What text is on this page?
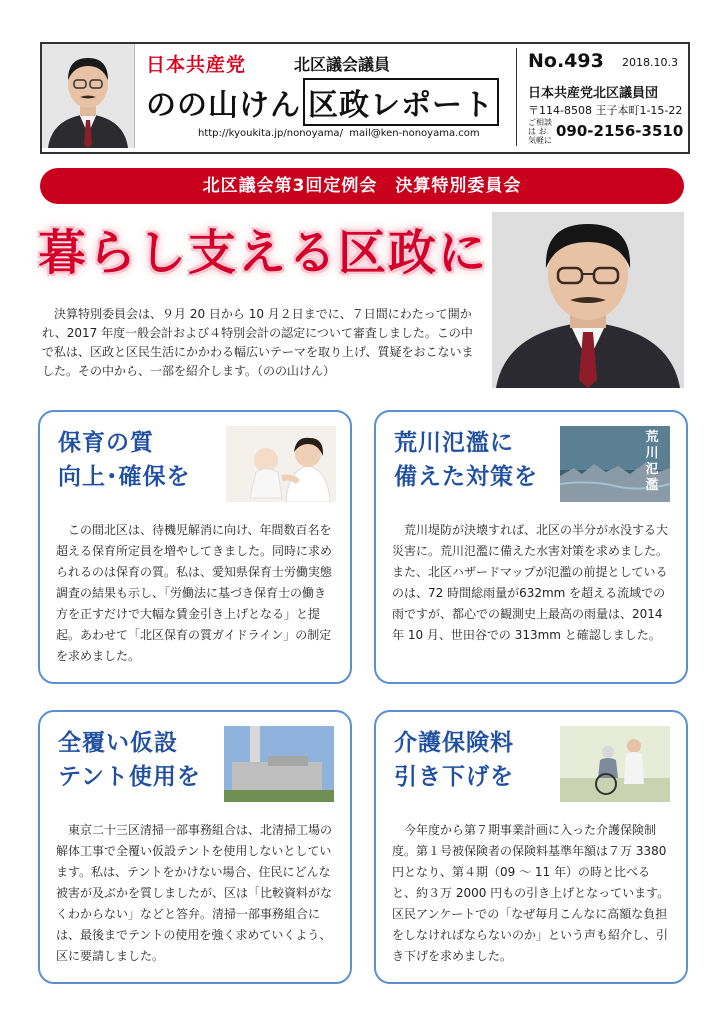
日本共産党	北区議会議員
のの山けん 区政レポート
http://kyoukita.jp/nonoyama/ mail@ken-nonoyama.com
No.493 2018.10.3
日本共産党北区議員団
〒114-8508 王子本町1-15-22
ご相談は お気軽に
090-2156-3510
北区議会第3回定例会　決算特別委員会
暮らし支える区政に
決算特別委員会は、９月 20 日から 10 月２日までに、７日間にわたって開かれ、2017 年度一般会計および４特別会計の認定について審査しました。この中で私は、区政と区民生活にかかわる幅広いテーマを取り上げ、質疑をおこないました。その中から、一部を紹介します。（のの山けん）
保育の質
向上･確保を
この間北区は、待機児解消に向け、年間数百名を超える保育所定員を増やしてきました。同時に求められるのは保育の質。私は、愛知県保育士労働実態調査の結果も示し、「労働法に基づき保育士の働き方を正すだけで大幅な賃金引き上げとなる」と提起。あわせて「北区保育の質ガイドライン」の制定を求めました。
荒川氾濫に
備えた対策を
荒川氾濫
荒川堤防が決壊すれば、北区の半分が水没する大災害に。荒川氾濫に備えた水害対策を求めました。また、北区ハザードマップが氾濫の前提としているのは、72 時間総雨量が632mm を超える流域での雨ですが、都心での観測史上最高の雨量は、2014 年 10 月、世田谷での 313mm と確認しました。
全覆い仮設
テント使用を
東京二十三区清掃一部事務組合は、北清掃工場の解体工事で全覆い仮設テントを使用しないとしています。私は、テントをかけない場合、住民にどんな被害が及ぶかを質しましたが、区は「比較資料がなくわからない」などと答弁。清掃一部事務組合には、最後までテントの使用を強く求めていくよう、区に要請しました。
介護保険料
引き下げを
今年度から第７期事業計画に入った介護保険制度。第１号被保険者の保険料基準年額は７万 3380 円となり、第４期（09 ～ 11 年）の時と比べると、約３万 2000 円もの引き上げとなっています。区民アンケートでの「なぜ毎月こんなに高額な負担をしなければならないのか」という声も紹介し、引き下げを求めました。
